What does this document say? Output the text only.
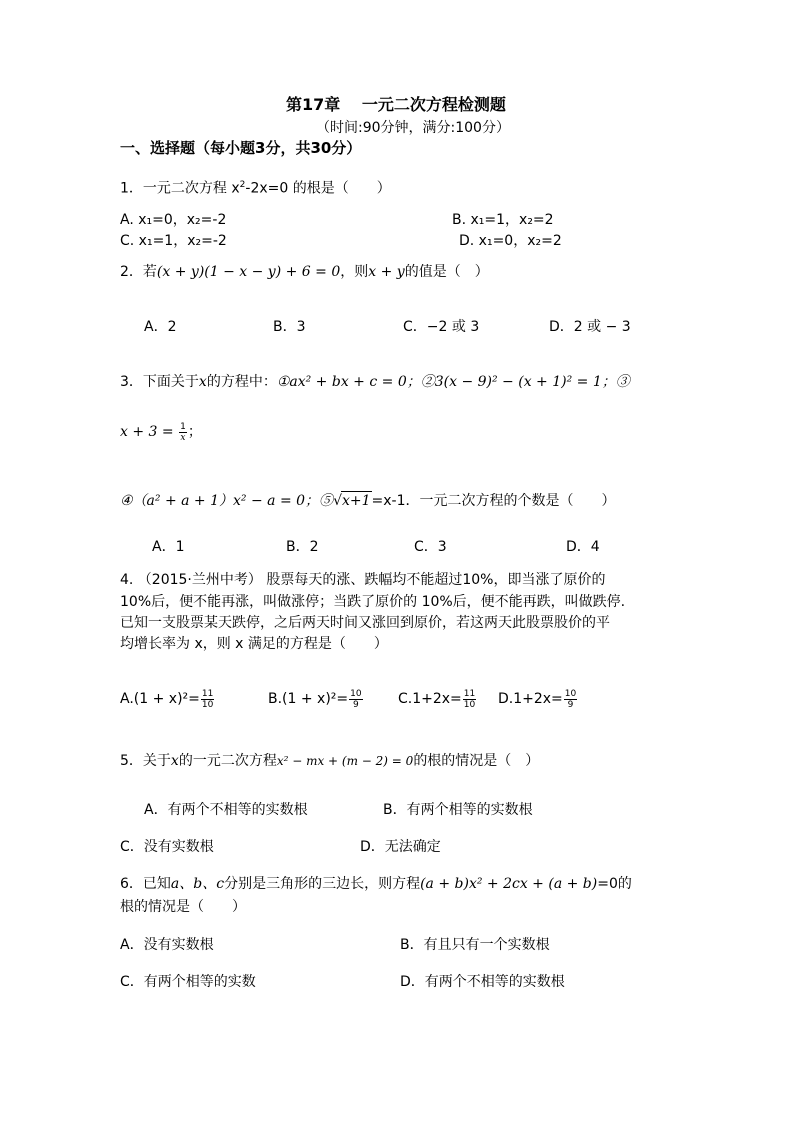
第17章　 一元二次方程检测题
（时间:90分钟，满分:100分）
一、选择题（每小题3分，共30分）
1．一元二次方程 $x^2-2x=0$ 的根是（　　）
A. x₁=0，x₂=-2	B. x₁=1，x₂=2
C. x₁=1，x₂=-2	D. x₁=0，x₂=2
2．若(x + y)(1 − x − y) + 6 = 0，则x + y的值是（　）
A．2	B．3	C．−2 或 3	D．2 或 − 3
3．下面关于x的方程中：①ax² + bx + c = 0；②3(x − 9)² − (x + 1)² = 1；③
$x + 3 = \frac{1}{x}$ ；
④（a² + a + 1）x² − a = 0；⑤√x+1=x-1．一元二次方程的个数是（　　）
A．1	B．2	C．3	D．4
4. （2015·兰州中考） 股票每天的涨、跌幅均不能超过10%，即当涨了原价的
10%后，便不能再涨，叫做涨停；当跌了原价的 10%后，便不能再跌，叫做跌停.
已知一支股票某天跌停，之后两天时间又涨回到原价，若这两天此股票股价的平
均增长率为 x，则 x 满足的方程是（　　）
$A.(1 + x)^2= \frac{11}{10}$	$B.(1 + x)^2= \frac{10}{9}$	$C.1+2x= \frac{11}{10} D.1+2x= \frac{10}{9}$
5．关于x的一元二次方程x² − mx + (m − 2) = 0的根的情况是（　）
A．有两个不相等的实数根	B．有两个相等的实数根
C．没有实数根	D．无法确定
6．已知a、b、c分别是三角形的三边长，则方程(a + b)x² + 2cx + (a + b)=0的
根的情况是（　　）
A．没有实数根	B．有且只有一个实数根
C．有两个相等的实数	D．有两个不相等的实数根
